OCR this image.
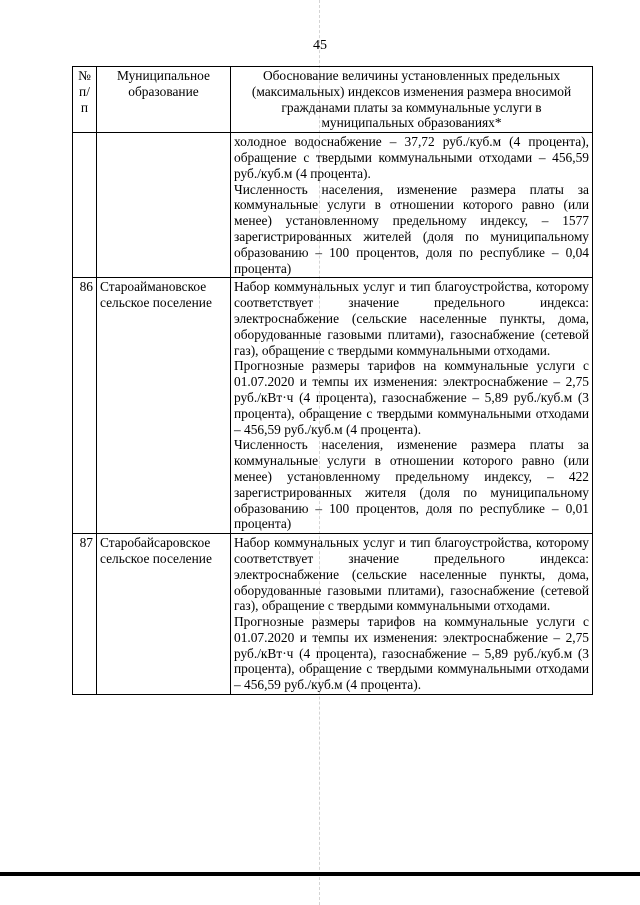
45
№ п/п	Муниципальное образование	Обоснование величины установленных предельных (максимальных) индексов изменения размера вносимой гражданами платы за коммунальные услуги в муниципальных образованиях*

		холодное водоснабжение – 37,72 руб./куб.м (4 процента), обращение с твердыми коммунальными отходами – 456,59 руб./куб.м (4 процента).

Численность населения, изменение размера платы за коммунальные услуги в отношении которого равно (или менее) установленному предельному индексу, – 1577 зарегистрированных жителей (доля по муниципальному образованию – 100 процентов, доля по республике – 0,04 процента)

86	Староаймановское сельское поселение	Набор коммунальных услуг и тип благоустройства, которому соответствует значение предельного индекса: электроснабжение (сельские населенные пункты, дома, оборудованные газовыми плитами), газоснабжение (сетевой газ), обращение с твердыми коммунальными отходами.

Прогнозные размеры тарифов на коммунальные услуги с 01.07.2020 и темпы их изменения: электроснабжение – 2,75 руб./кВт·ч (4 процента), газоснабжение – 5,89 руб./куб.м (3 процента), обращение с твердыми коммунальными отходами – 456,59 руб./куб.м (4 процента).

Численность населения, изменение размера платы за коммунальные услуги в отношении которого равно (или менее) установленному предельному индексу, – 422 зарегистрированных жителя (доля по муниципальному образованию – 100 процентов, доля по республике – 0,01 процента)

87	Старобайсаровское сельское поселение	Набор коммунальных услуг и тип благоустройства, которому соответствует значение предельного индекса: электроснабжение (сельские населенные пункты, дома, оборудованные газовыми плитами), газоснабжение (сетевой газ), обращение с твердыми коммунальными отходами.

Прогнозные размеры тарифов на коммунальные услуги с 01.07.2020 и темпы их изменения: электроснабжение – 2,75 руб./кВт·ч (4 процента), газоснабжение – 5,89 руб./куб.м (3 процента), обращение с твердыми коммунальными отходами – 456,59 руб./куб.м (4 процента).
